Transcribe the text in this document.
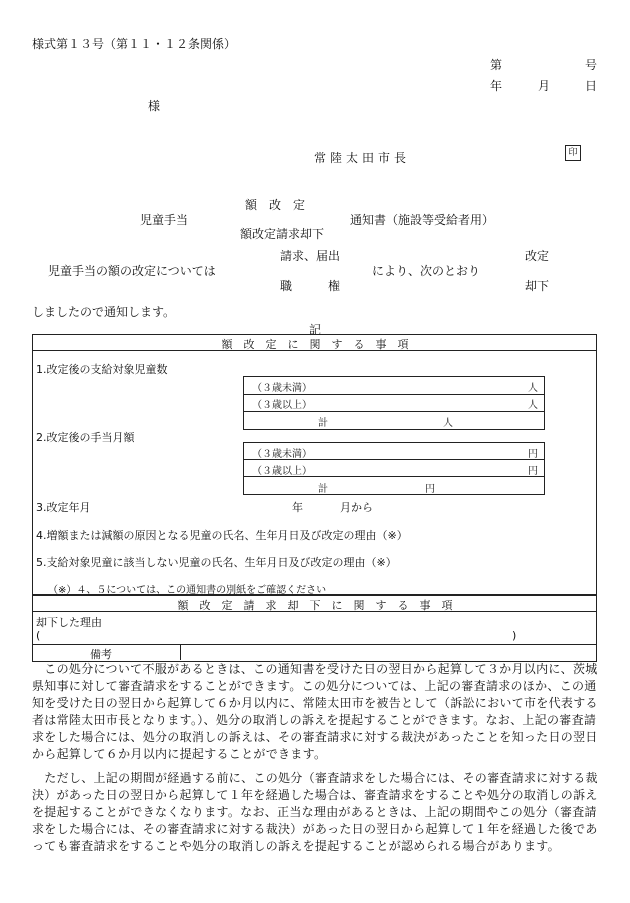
様式第１３号（第１１・１２条関係）
第	号
年	月	日
様
常陸太田市長	印
額　改　定
児童手当	通知書（施設等受給者用）
額改定請求却下
請求、届出	改定
児童手当の額の改定については	により、次のとおり
職　　　権	却下
しましたので通知します。
記
額　改　定　に　関　す　る　事　項
1.改定後の支給対象児童数
（３歳未満）	人
（３歳以上）	人
計	人
2.改定後の手当月額
（３歳未満）	円
（３歳以上）	円
計	円
3.改定年月	年	月から
4.増額または減額の原因となる児童の氏名、生年月日及び改定の理由（※）
5.支給対象児童に該当しない児童の氏名、生年月日及び改定の理由（※）
（※）４、５については、この通知書の別紙をご確認ください
額　改　定　請　求　却　下　に　関　す　る　事　項
却下した理由
(	)
備考
　この処分について不服があるときは、この通知書を受けた日の翌日から起算して３か月以内に、茨城県知事に対して審査請求をすることができます。この処分については、上記の審査請求のほか、この通知を受けた日の翌日から起算して６か月以内に、常陸太田市を被告として（訴訟において市を代表する者は常陸太田市長となります。）、処分の取消しの訴えを提起することができます。なお、上記の審査請求をした場合には、処分の取消しの訴えは、その審査請求に対する裁決があったことを知った日の翌日から起算して６か月以内に提起することができます。
　ただし、上記の期間が経過する前に、この処分（審査請求をした場合には、その審査請求に対する裁決）があった日の翌日から起算して１年を経過した場合は、審査請求をすることや処分の取消しの訴えを提起することができなくなります。なお、正当な理由があるときは、上記の期間やこの処分（審査請求をした場合には、その審査請求に対する裁決）があった日の翌日から起算して１年を経過した後であっても審査請求をすることや処分の取消しの訴えを提起することが認められる場合があります。
